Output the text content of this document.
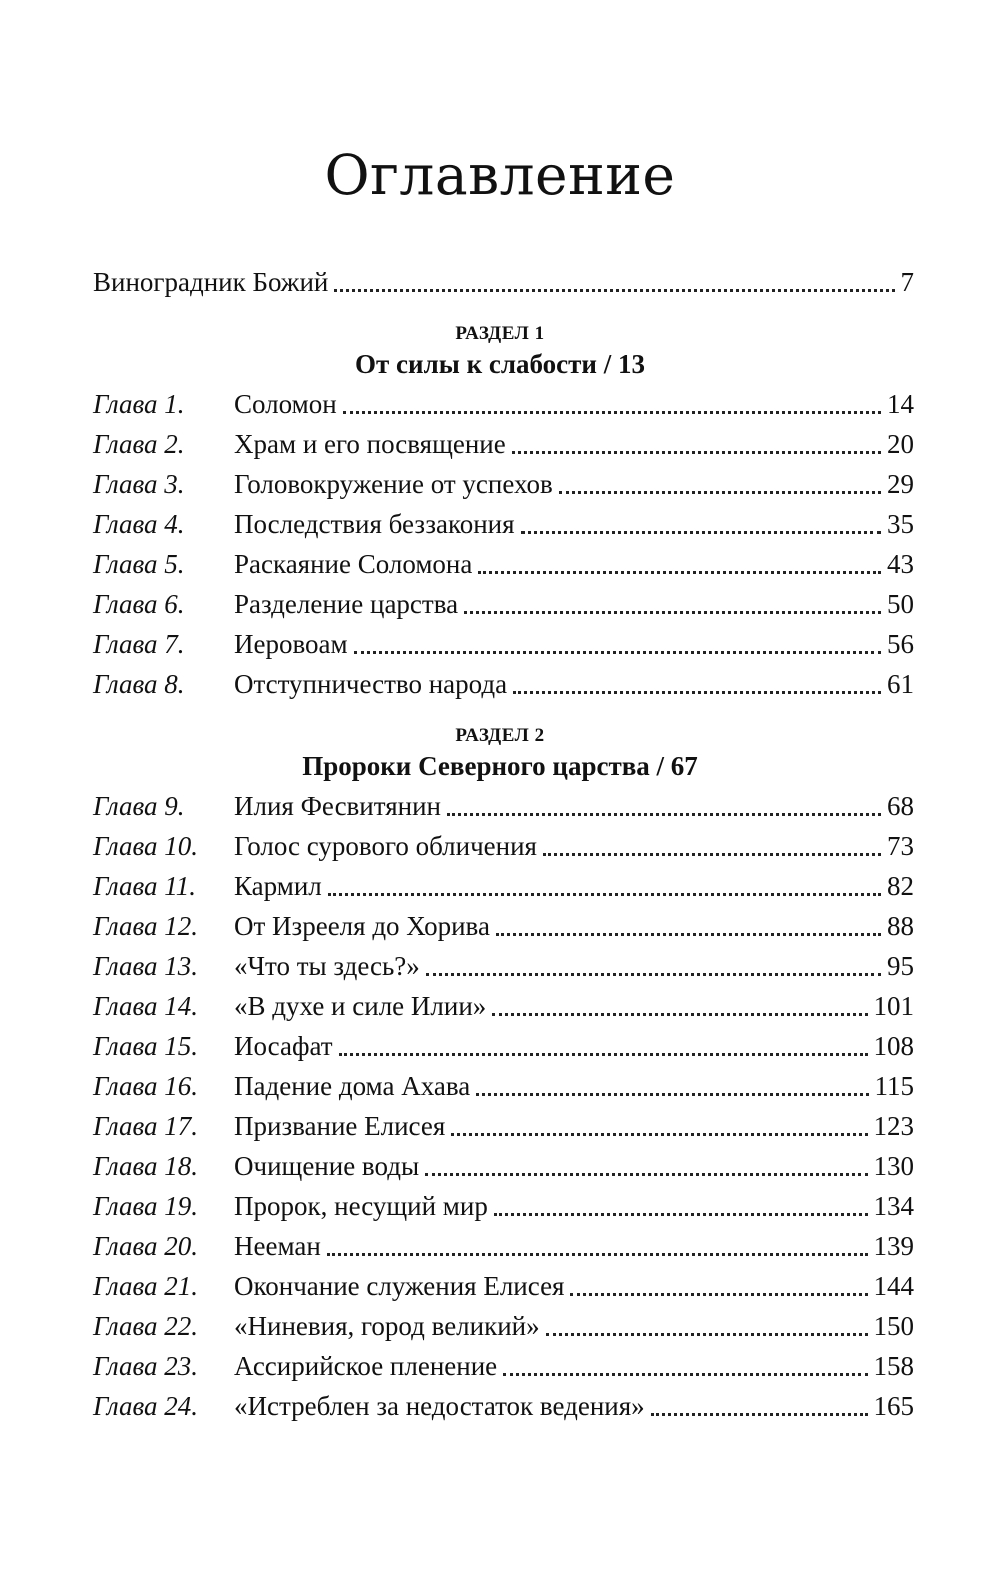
Оглавление
Виноградник Божий	7
РАЗДЕЛ 1
От силы к слабости / 13
Глава 1.	Соломон	14
Глава 2.	Храм и его посвящение	20
Глава 3.	Головокружение от успехов	29
Глава 4.	Последствия беззакония	35
Глава 5.	Раскаяние Соломона	43
Глава 6.	Разделение царства	50
Глава 7.	Иеровоам	56
Глава 8.	Отступничество народа	61
РАЗДЕЛ 2
Пророки Северного царства / 67
Глава 9.	Илия Фесвитянин	68
Глава 10.	Голос сурового обличения	73
Глава 11.	Кармил	82
Глава 12.	От Изрееля до Хорива	88
Глава 13.	«Что ты здесь?»	95
Глава 14.	«В духе и силе Илии»	101
Глава 15.	Иосафат	108
Глава 16.	Падение дома Ахава	115
Глава 17.	Призвание Елисея	123
Глава 18.	Очищение воды	130
Глава 19.	Пророк, несущий мир	134
Глава 20.	Нееман	139
Глава 21.	Окончание служения Елисея	144
Глава 22.	«Ниневия, город великий»	150
Глава 23.	Ассирийское пленение	158
Глава 24.	«Истреблен за недостаток ведения»	165
